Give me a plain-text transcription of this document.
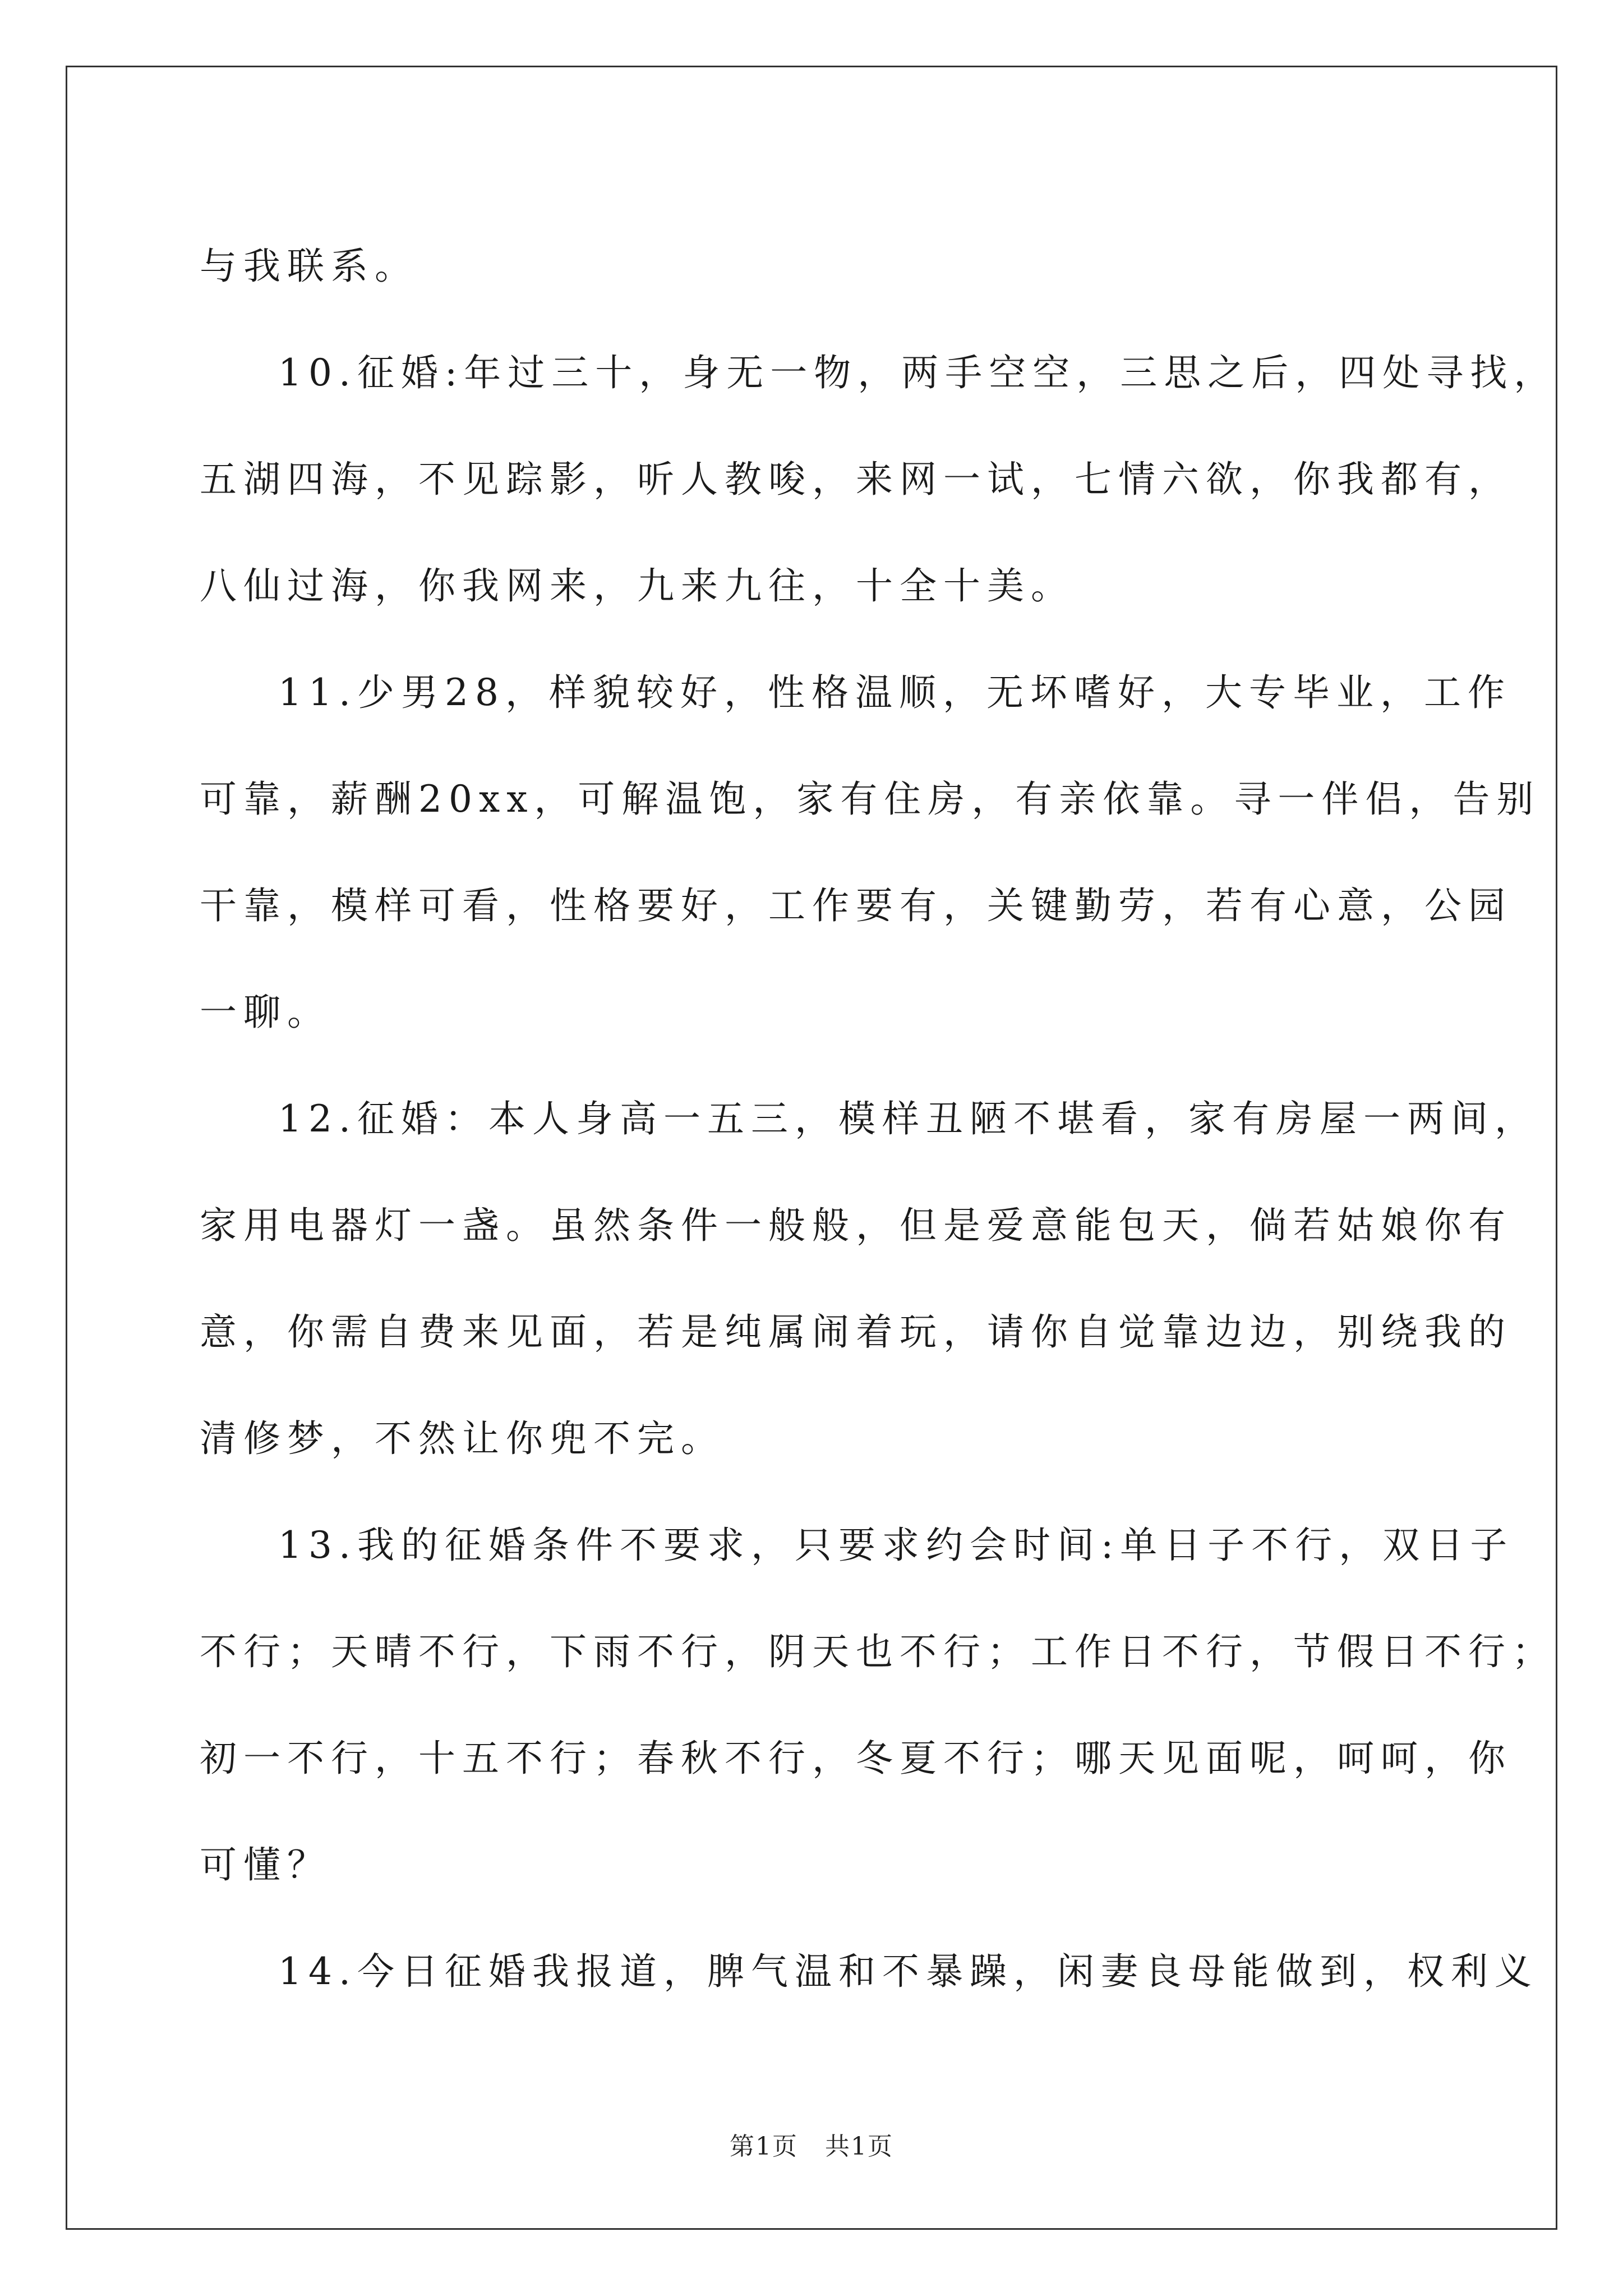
与我联系。
10.征婚:年过三十，身无一物，两手空空，三思之后，四处寻找，
五湖四海，不见踪影，听人教唆，来网一试，七情六欲，你我都有，
八仙过海，你我网来，九来九往，十全十美。
11.少男28，样貌较好，性格温顺，无坏嗜好，大专毕业，工作
可靠，薪酬20xx，可解温饱，家有住房，有亲依靠。寻一伴侣，告别
干靠，模样可看，性格要好，工作要有，关键勤劳，若有心意，公园
一聊。
12.征婚：本人身高一五三，模样丑陋不堪看，家有房屋一两间，
家用电器灯一盏。虽然条件一般般，但是爱意能包天，倘若姑娘你有
意，你需自费来见面，若是纯属闹着玩，请你自觉靠边边，别绕我的
清修梦，不然让你兜不完。
13.我的征婚条件不要求，只要求约会时间:单日子不行，双日子
不行；天晴不行，下雨不行，阴天也不行；工作日不行，节假日不行；
初一不行，十五不行；春秋不行，冬夏不行；哪天见面呢，呵呵，你
可懂？
14.今日征婚我报道，脾气温和不暴躁，闲妻良母能做到，权利义
第1页   共1页
